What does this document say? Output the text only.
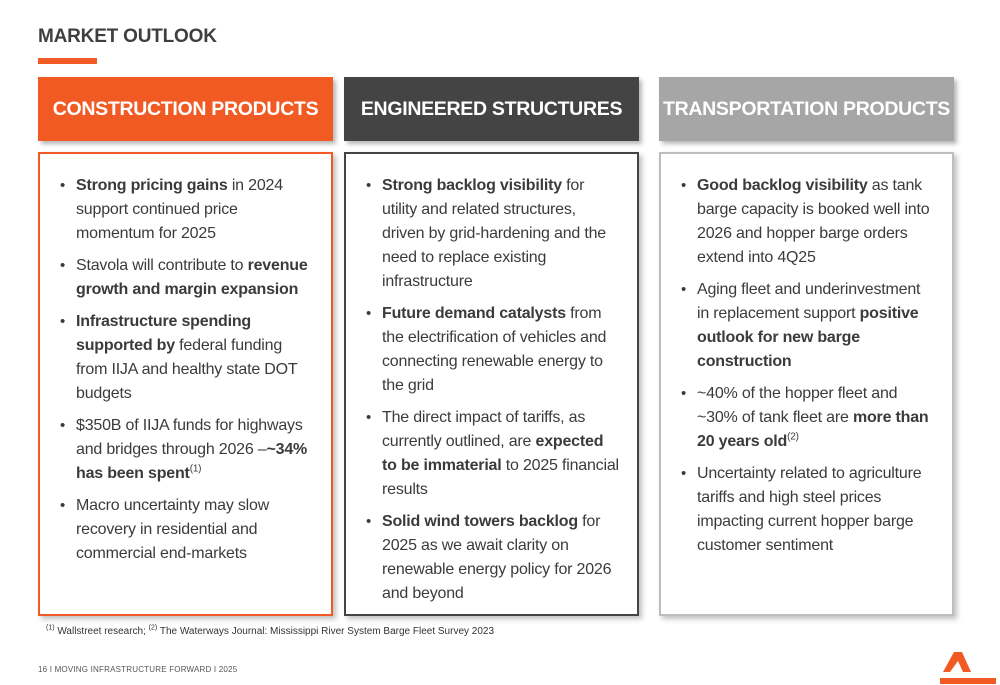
MARKET OUTLOOK
CONSTRUCTION PRODUCTS
• Strong pricing gains in 2024 support continued price momentum for 2025
• Stavola will contribute to revenue growth and margin expansion
• Infrastructure spending supported by federal funding from IIJA and healthy state DOT budgets
• $350B of IIJA funds for highways and bridges through 2026 –~34% has been spent$^{(1)}$
• Macro uncertainty may slow recovery in residential and commercial end-markets
ENGINEERED STRUCTURES
• Strong backlog visibility for utility and related structures, driven by grid-hardening and the need to replace existing infrastructure
• Future demand catalysts from the electrification of vehicles and connecting renewable energy to the grid
• The direct impact of tariffs, as currently outlined, are expected to be immaterial to 2025 financial results
• Solid wind towers backlog for 2025 as we await clarity on renewable energy policy for 2026 and beyond
TRANSPORTATION PRODUCTS
• Good backlog visibility as tank barge capacity is booked well into 2026 and hopper barge orders extend into 4Q25
• Aging fleet and underinvestment in replacement support positive outlook for new barge construction
• ~40% of the hopper fleet and ~30% of tank fleet are more than 20 years old$^{(2)}$
• Uncertainty related to agriculture tariffs and high steel prices impacting current hopper barge customer sentiment
$^{(1)}$ Wallstreet research; $^{(2)}$ The Waterways Journal: Mississippi River System Barge Fleet Survey 2023
16 I MOVING INFRASTRUCTURE FORWARD I 2025
